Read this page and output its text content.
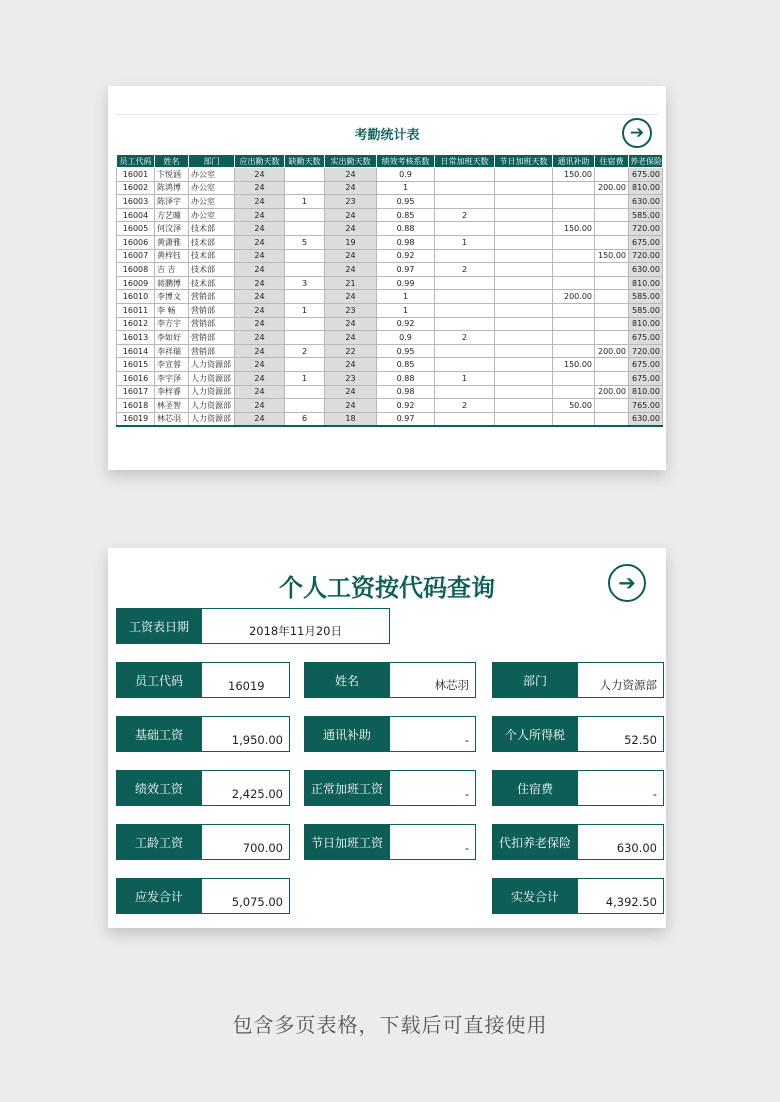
考勤统计表	➔
员工代码	姓名	部门	应出勤天数	缺勤天数	实出勤天数	绩效考核系数	日常加班天数	节日加班天数	通讯补助	住宿费	养老保险
16001	卞悦涵	办公室	24		24	0.9			150.00		675.00
16002	陈鸿博	办公室	24		24	1				200.00	810.00
16003	陈泽宇	办公室	24	1	23	0.95					630.00
16004	方艺曈	办公室	24		24	0.85	2				585.00
16005	何汶泽	技术部	24		24	0.88			150.00		720.00
16006	黄潇雅	技术部	24	5	19	0.98	1				675.00
16007	黄梓钰	技术部	24		24	0.92				150.00	720.00
16008	吉 吉	技术部	24		24	0.97	2				630.00
16009	蒋鹏博	技术部	24	3	21	0.99					810.00
16010	李博文	营销部	24		24	1			200.00		585.00
16011	李 畅	营销部	24	1	23	1					585.00
16012	李方宇	营销部	24		24	0.92					810.00
16013	李如好	营销部	24		24	0.9	2				675.00
16014	李祥瑞	营销部	24	2	22	0.95				200.00	720.00
16015	李宣蓉	人力资源部	24		24	0.85			150.00		675.00
16016	李宇泽	人力资源部	24	1	23	0.88	1				675.00
16017	李梓睿	人力资源部	24		24	0.98				200.00	810.00
16018	林圣智	人力资源部	24		24	0.92	2		50.00		765.00
16019	林芯羽	人力资源部	24	6	18	0.97					630.00
个人工资按代码查询	➔
工资表日期	2018年11月20日
员工代码	16019	姓名	林芯羽	部门	人力资源部
基础工资	1,950.00	通讯补助	-	个人所得税	52.50
绩效工资	2,425.00	正常加班工资	-	住宿费	-
工龄工资	700.00	节日加班工资	-	代扣养老保险	630.00
应发合计	5,075.00	实发合计	4,392.50
包含多页表格，下载后可直接使用
